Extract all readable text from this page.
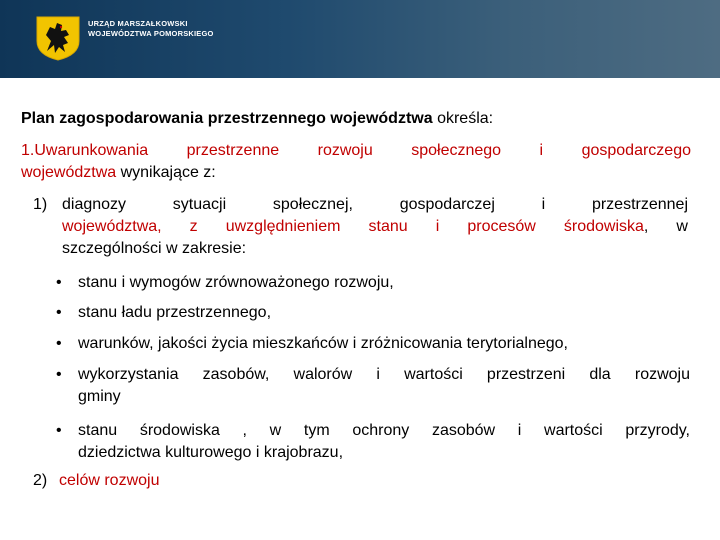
URZĄD MARSZAŁKOWSKI
WOJEWÓDZTWA POMORSKIEGO
Plan zagospodarowania przestrzennego województwa określa:
1.Uwarunkowania przestrzenne rozwoju społecznego i gospodarczego
województwa wynikające z:
1) diagnozy sytuacji społecznej, gospodarczej i przestrzennej
województwa, z uwzględnieniem stanu i procesów środowiska, w
szczególności w zakresie:
• stanu i wymogów zrównoważonego rozwoju,
• stanu ładu przestrzennego,
• warunków, jakości życia mieszkańców i zróżnicowania terytorialnego,
• wykorzystania zasobów, walorów i wartości przestrzeni dla rozwoju
gminy
• stanu środowiska , w tym ochrony zasobów i wartości przyrody,
dziedzictwa kulturowego i krajobrazu,
2) celów rozwoju
